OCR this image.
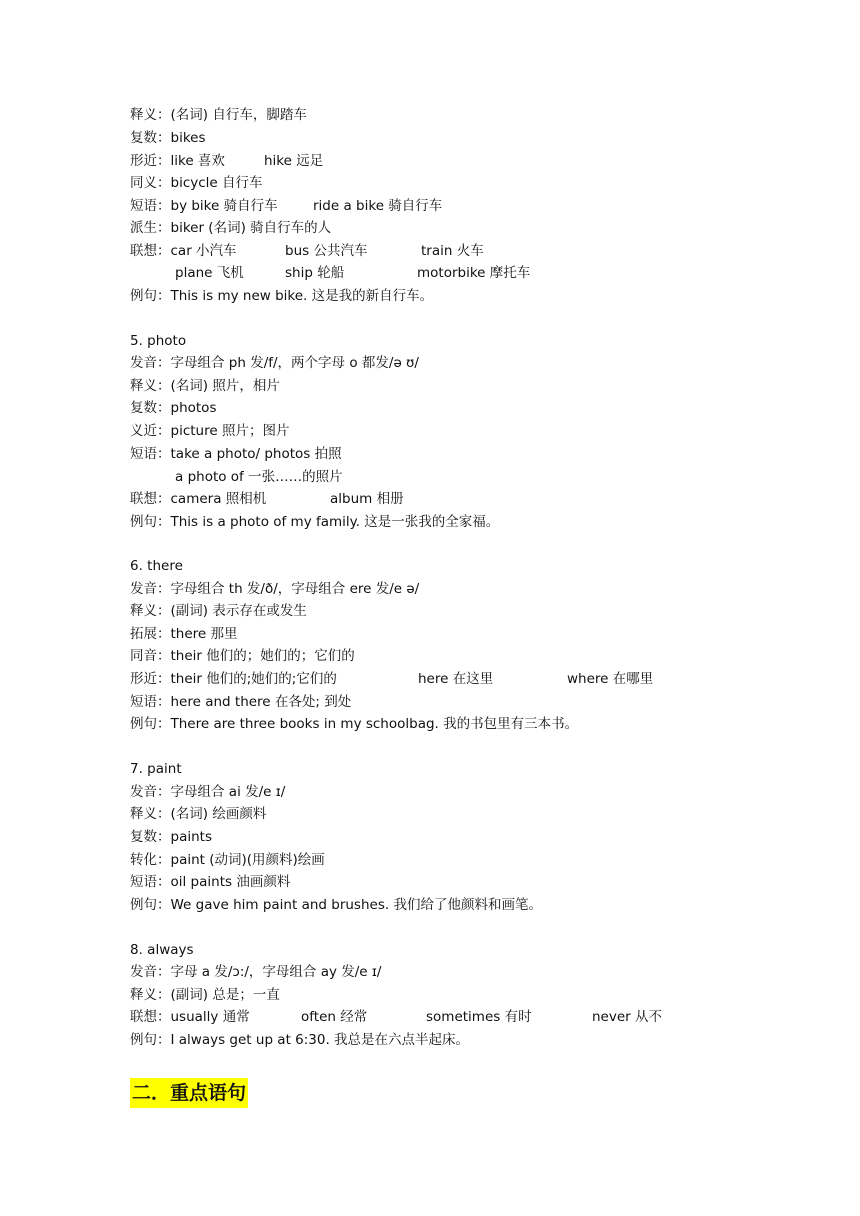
释义：(名词) 自行车，脚踏车
复数：bikes
形近：like 喜欢	hike 远足
同义：bicycle 自行车
短语：by bike 骑自行车	ride a bike 骑自行车
派生：biker (名词) 骑自行车的人
联想：car 小汽车	bus 公共汽车	train 火车
plane 飞机	ship 轮船	motorbike 摩托车
例句：This is my new bike. 这是我的新自行车。
5. photo
发音：字母组合 ph 发/f/，两个字母 o 都发/ə ʊ/
释义：(名词) 照片，相片
复数：photos
义近：picture 照片；图片
短语：take a photo/ photos 拍照
a photo of 一张……的照片
联想：camera 照相机	album 相册
例句：This is a photo of my family. 这是一张我的全家福。
6. there
发音：字母组合 th 发/ð/，字母组合 ere 发/e ə/
释义：(副词) 表示存在或发生
拓展：there 那里
同音：their 他们的；她们的；它们的
形近：their 他们的;她们的;它们的	here 在这里	where 在哪里
短语：here and there 在各处; 到处
例句：There are three books in my schoolbag. 我的书包里有三本书。
7. paint
发音：字母组合 ai 发/e ɪ/
释义：(名词) 绘画颜料
复数：paints
转化：paint (动词)(用颜料)绘画
短语：oil paints 油画颜料
例句：We gave him paint and brushes. 我们给了他颜料和画笔。
8. always
发音：字母 a 发/ɔ:/，字母组合 ay 发/e ɪ/
释义：(副词) 总是；一直
联想：usually 通常	often 经常	sometimes 有时	never 从不
例句：I always get up at 6:30. 我总是在六点半起床。
二．重点语句
